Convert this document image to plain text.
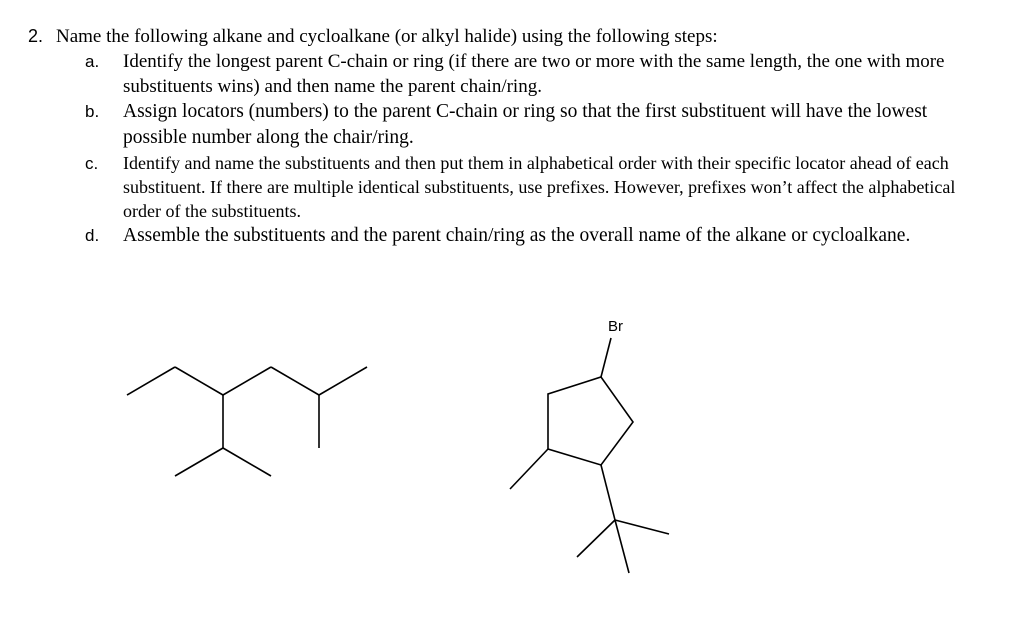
2. Name the following alkane and cycloalkane (or alkyl halide) using the following steps:
a.	Identify the longest parent C-chain or ring (if there are two or more with the same length, the one with more substituents wins) and then name the parent chain/ring.
b.	Assign locators (numbers) to the parent C-chain or ring so that the first substituent will have the lowest possible number along the chair/ring.
c.	Identify and name the substituents and then put them in alphabetical order with their specific locator ahead of each substituent. If there are multiple identical substituents, use prefixes. However, prefixes won’t affect the alphabetical order of the substituents.
d.	Assemble the substituents and the parent chain/ring as the overall name of the alkane or cycloalkane.
Br
